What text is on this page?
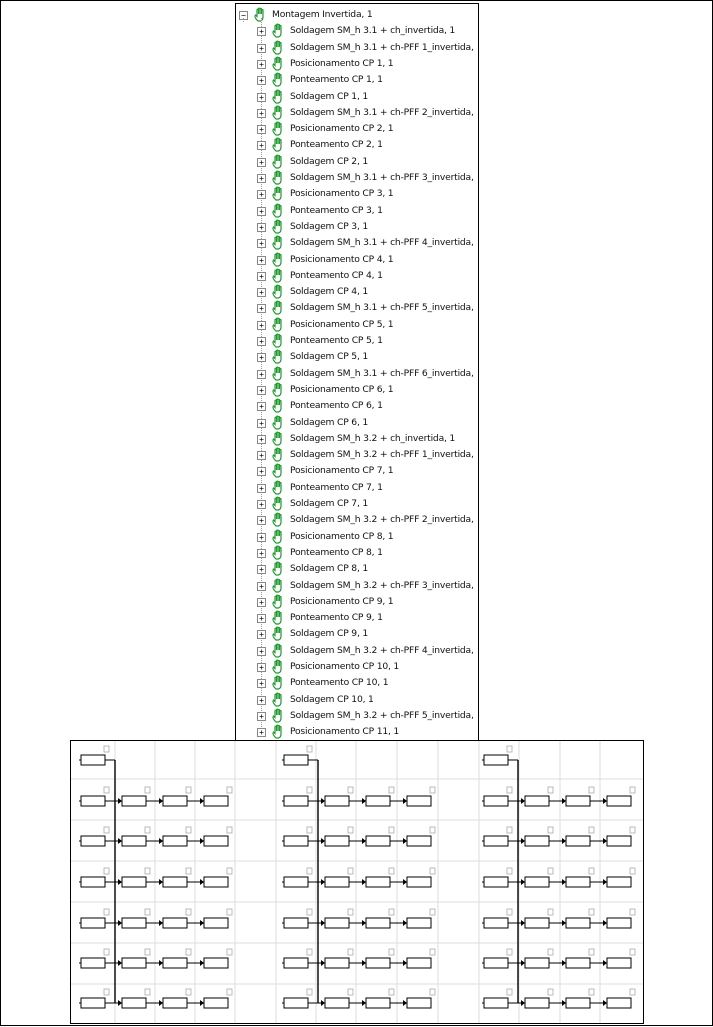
−	Montagem Invertida, 1
+	Soldagem SM_h 3.1 + ch_invertida, 1
+	Soldagem SM_h 3.1 + ch-PFF 1_invertida,
+	Posicionamento CP 1, 1
+	Ponteamento CP 1, 1
+	Soldagem CP 1, 1
+	Soldagem SM_h 3.1 + ch-PFF 2_invertida,
+	Posicionamento CP 2, 1
+	Ponteamento CP 2, 1
+	Soldagem CP 2, 1
+	Soldagem SM_h 3.1 + ch-PFF 3_invertida,
+	Posicionamento CP 3, 1
+	Ponteamento CP 3, 1
+	Soldagem CP 3, 1
+	Soldagem SM_h 3.1 + ch-PFF 4_invertida,
+	Posicionamento CP 4, 1
+	Ponteamento CP 4, 1
+	Soldagem CP 4, 1
+	Soldagem SM_h 3.1 + ch-PFF 5_invertida,
+	Posicionamento CP 5, 1
+	Ponteamento CP 5, 1
+	Soldagem CP 5, 1
+	Soldagem SM_h 3.1 + ch-PFF 6_invertida,
+	Posicionamento CP 6, 1
+	Ponteamento CP 6, 1
+	Soldagem CP 6, 1
+	Soldagem SM_h 3.2 + ch_invertida, 1
+	Soldagem SM_h 3.2 + ch-PFF 1_invertida,
+	Posicionamento CP 7, 1
+	Ponteamento CP 7, 1
+	Soldagem CP 7, 1
+	Soldagem SM_h 3.2 + ch-PFF 2_invertida,
+	Posicionamento CP 8, 1
+	Ponteamento CP 8, 1
+	Soldagem CP 8, 1
+	Soldagem SM_h 3.2 + ch-PFF 3_invertida,
+	Posicionamento CP 9, 1
+	Ponteamento CP 9, 1
+	Soldagem CP 9, 1
+	Soldagem SM_h 3.2 + ch-PFF 4_invertida,
+	Posicionamento CP 10, 1
+	Ponteamento CP 10, 1
+	Soldagem CP 10, 1
+	Soldagem SM_h 3.2 + ch-PFF 5_invertida,
+	Posicionamento CP 11, 1
